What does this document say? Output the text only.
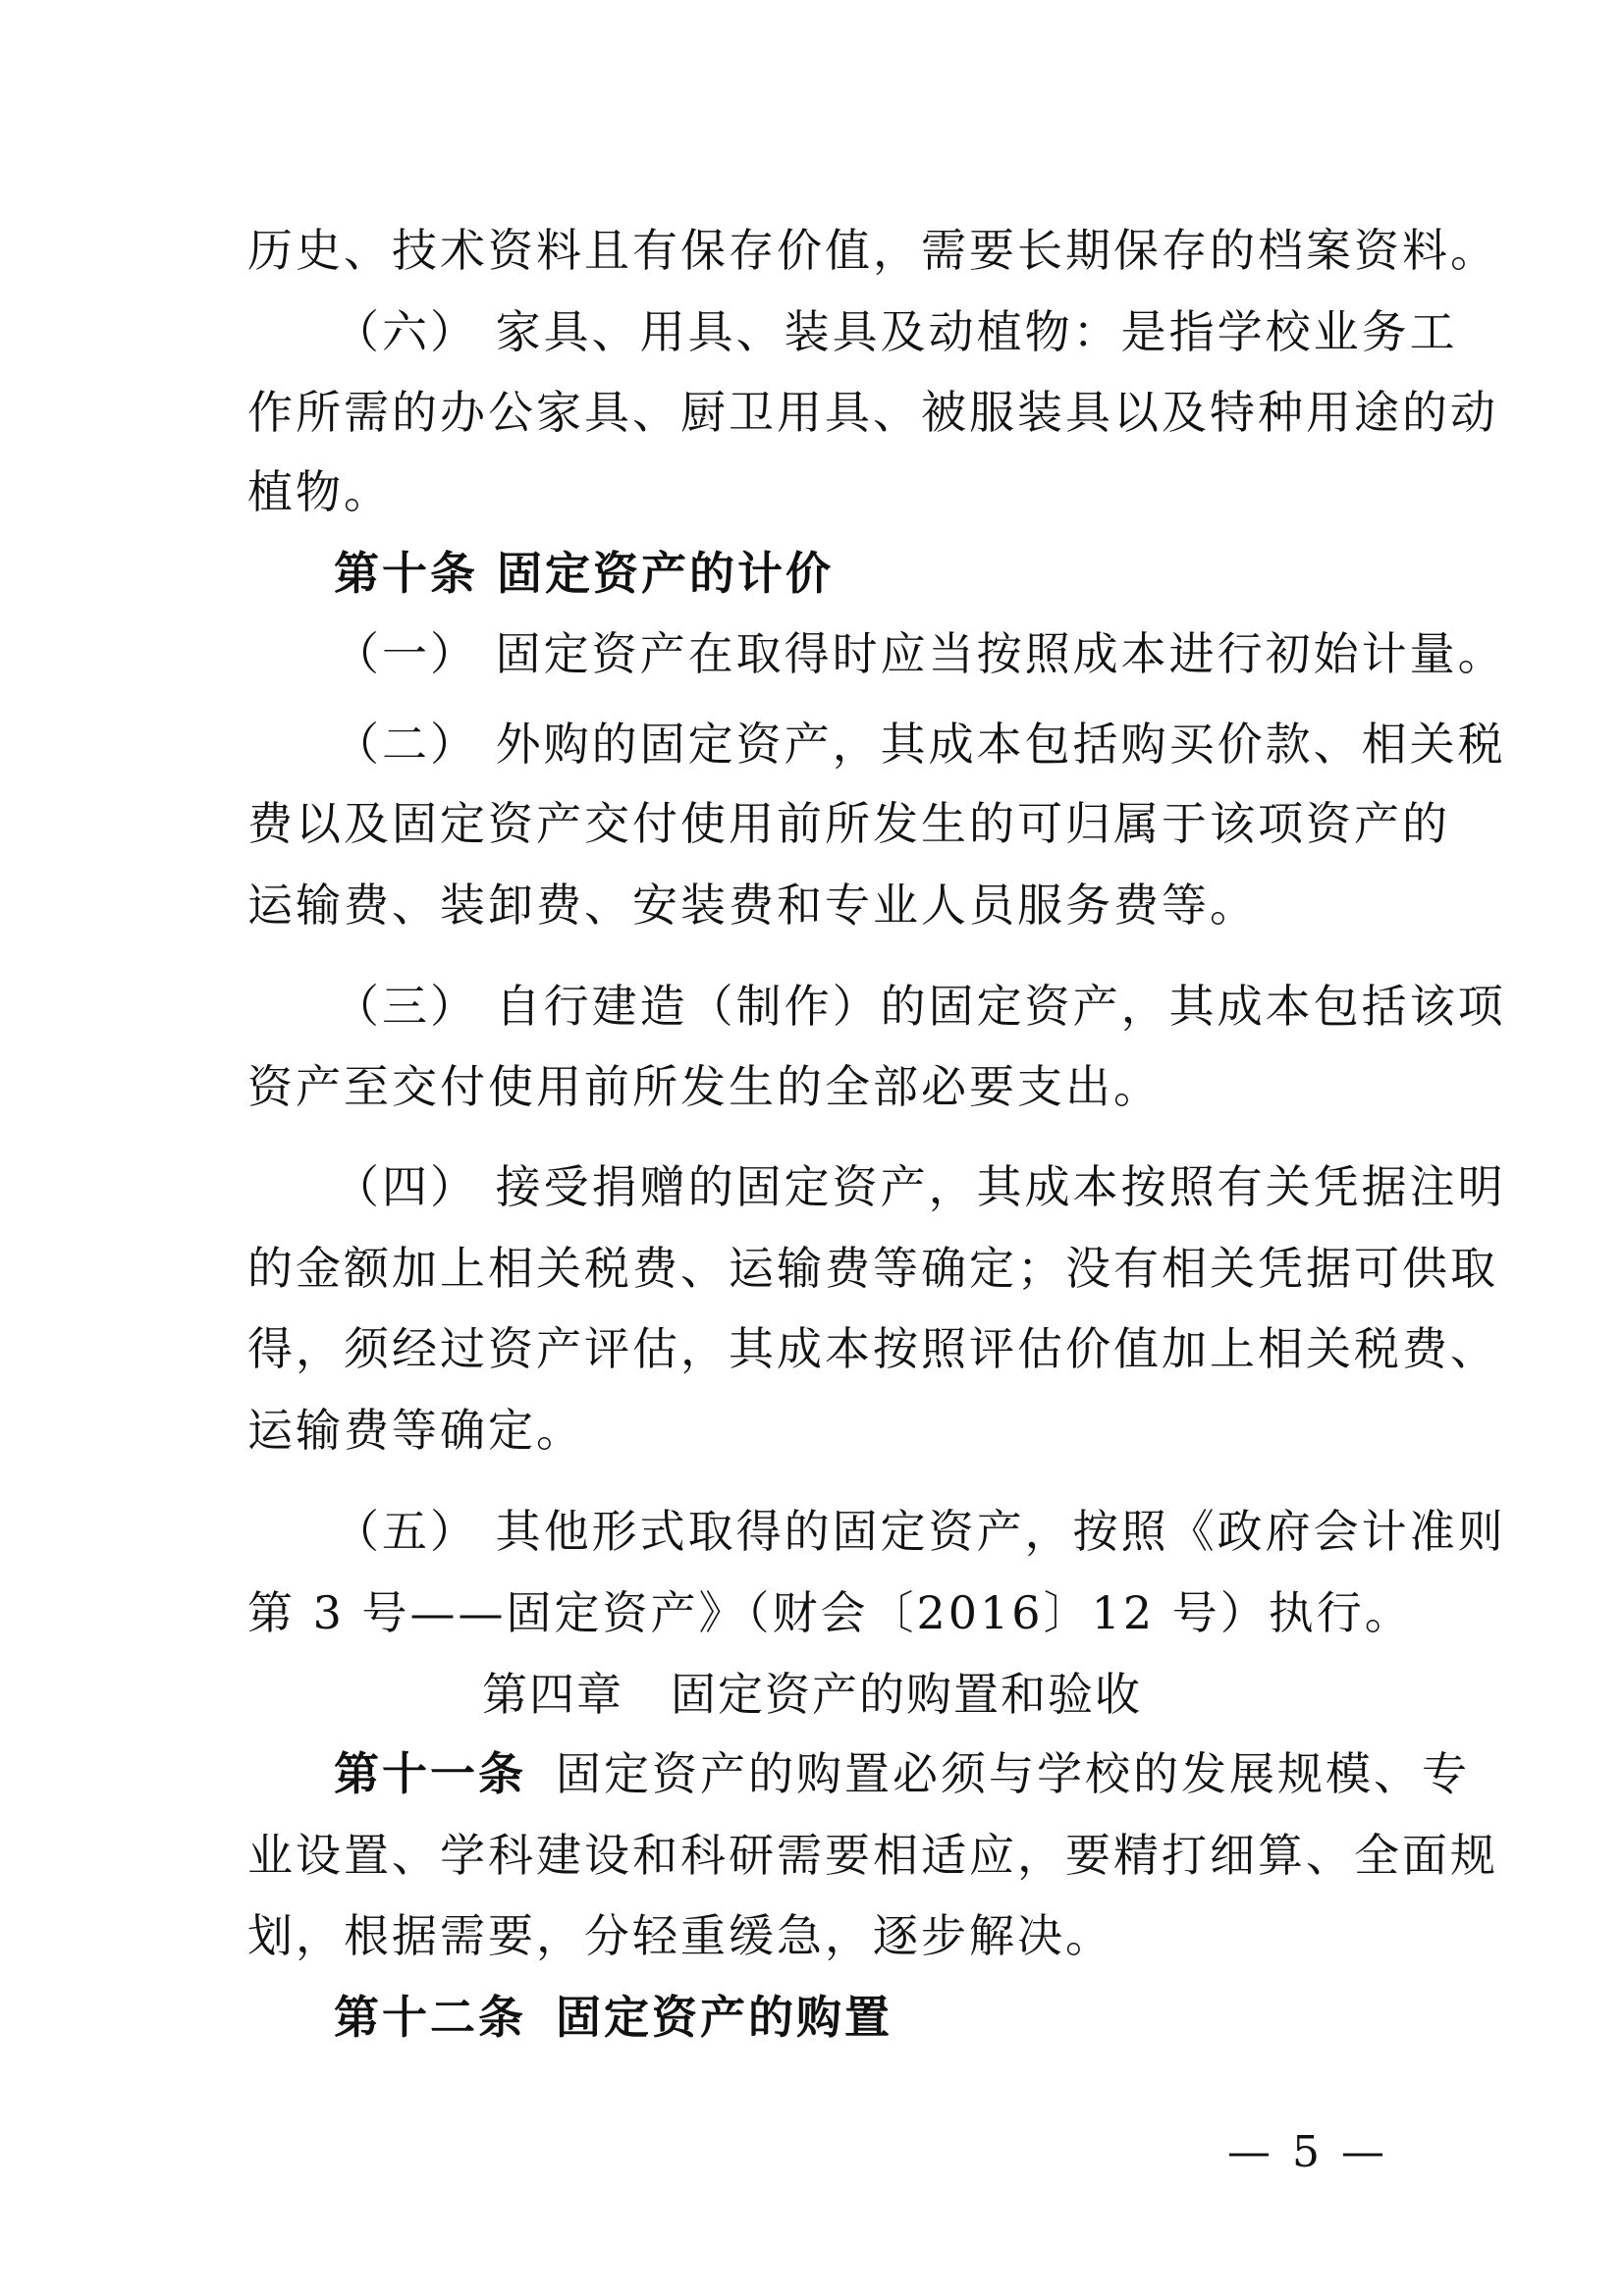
历史、技术资料且有保存价值，需要长期保存的档案资料。
（六） 家具、用具、装具及动植物：是指学校业务工
作所需的办公家具、厨卫用具、被服装具以及特种用途的动
植物。
第十条 固定资产的计价
（一） 固定资产在取得时应当按照成本进行初始计量。
（二） 外购的固定资产，其成本包括购买价款、相关税
费以及固定资产交付使用前所发生的可归属于该项资产的
运输费、装卸费、安装费和专业人员服务费等。
（三） 自行建造（制作）的固定资产，其成本包括该项
资产至交付使用前所发生的全部必要支出。
（四） 接受捐赠的固定资产，其成本按照有关凭据注明
的金额加上相关税费、运输费等确定；没有相关凭据可供取
得，须经过资产评估，其成本按照评估价值加上相关税费、
运输费等确定。
（五） 其他形式取得的固定资产，按照《政府会计准则
第 3 号——固定资产》（财会〔2016〕12 号）执行。
第四章　固定资产的购置和验收
第十一条 固定资产的购置必须与学校的发展规模、专
业设置、学科建设和科研需要相适应，要精打细算、全面规
划，根据需要，分轻重缓急，逐步解决。
第十二条 固定资产的购置
— 5 —
